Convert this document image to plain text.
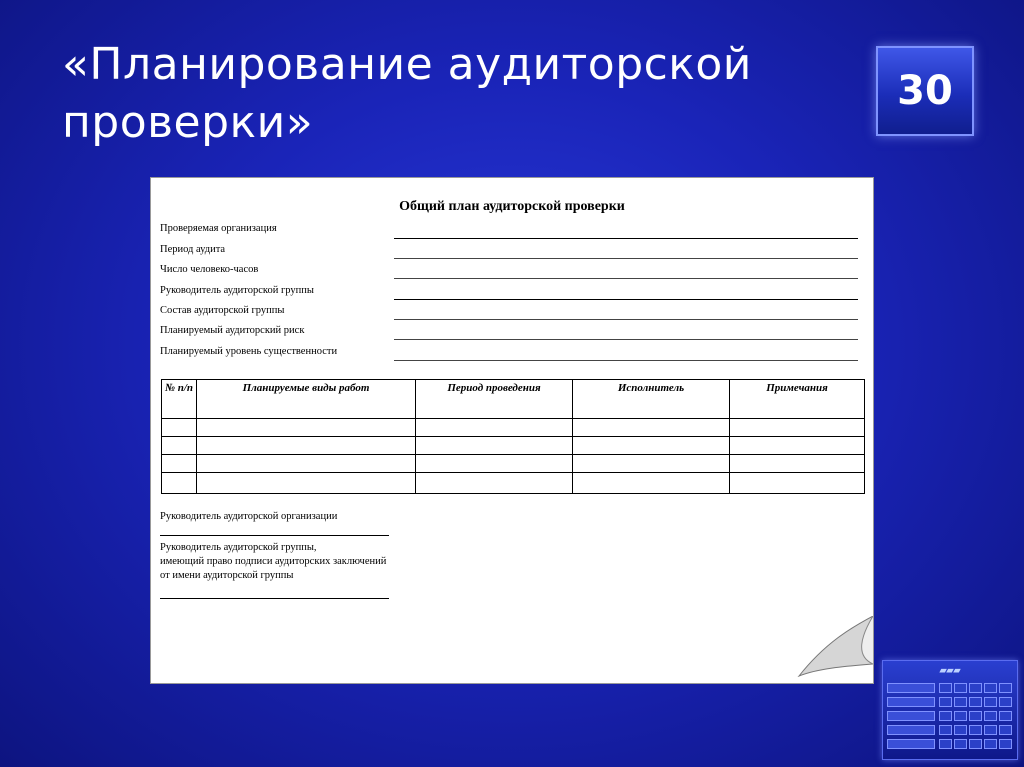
«Планирование аудиторской проверки»
30
Общий план аудиторской проверки
Проверяемая организация
Период аудита
Число человеко-часов
Руководитель аудиторской группы
Состав аудиторской группы
Планируемый аудиторский риск
Планируемый уровень существенности
№ п/п	Планируемые виды работ	Период проведения	Исполнитель	Примечания

Руководитель аудиторской организации
Руководитель аудиторской группы,
имеющий право подписи аудиторских заключений
от имени аудиторской группы
▰▰▰
